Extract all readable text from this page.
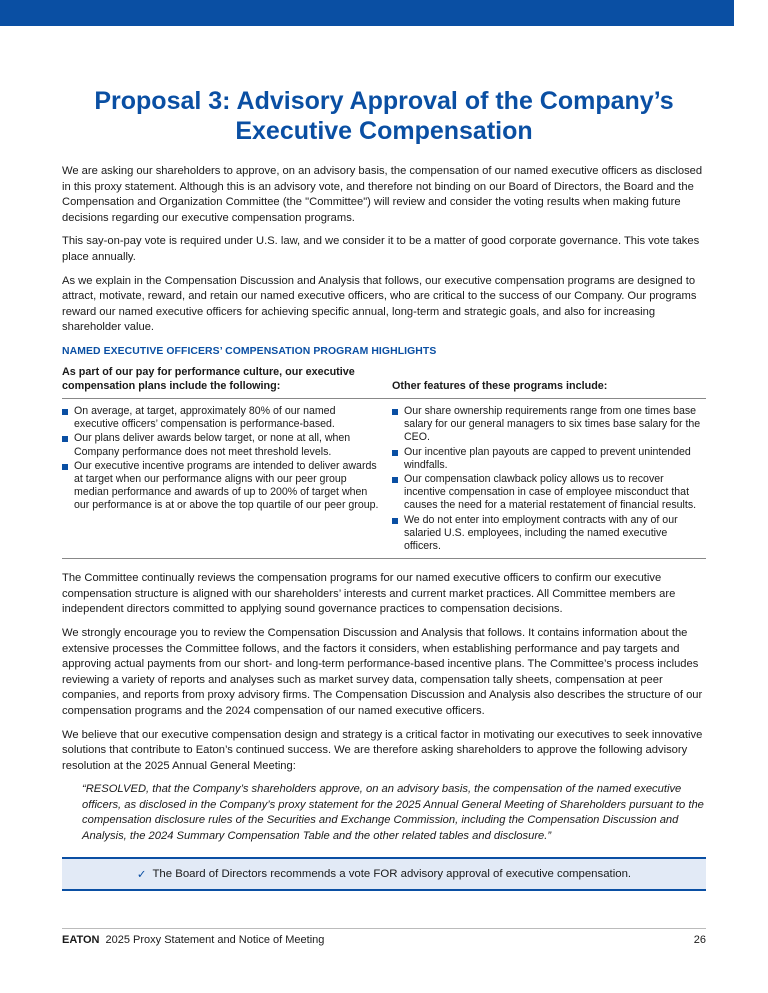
Proposal 3: Advisory Approval of the Company’s
Executive Compensation

We are asking our shareholders to approve, on an advisory basis, the compensation of our named executive officers as disclosed in this proxy statement. Although this is an advisory vote, and therefore not binding on our Board of Directors, the Board and the Compensation and Organization Committee (the "Committee") will review and consider the voting results when making future decisions regarding our executive compensation programs.

This say-on-pay vote is required under U.S. law, and we consider it to be a matter of good corporate governance. This vote takes place annually.

As we explain in the Compensation Discussion and Analysis that follows, our executive compensation programs are designed to attract, motivate, reward, and retain our named executive officers, who are critical to the success of our Company. Our programs reward our named executive officers for achieving specific annual, long-term and strategic goals, and also for increasing shareholder value.

NAMED EXECUTIVE OFFICERS’ COMPENSATION PROGRAM HIGHLIGHTS
As part of our pay for performance culture, our executive compensation plans include the following:	Other features of these programs include:
On average, at target, approximately 80% of our named executive officers’ compensation is performance-based.
Our plans deliver awards below target, or none at all, when Company performance does not meet threshold levels.
Our executive incentive programs are intended to deliver awards at target when our performance aligns with our peer group median performance and awards of up to 200% of target when our performance is at or above the top quartile of our peer group.
Our share ownership requirements range from one times base salary for our general managers to six times base salary for the CEO.
Our incentive plan payouts are capped to prevent unintended windfalls.
Our compensation clawback policy allows us to recover incentive compensation in case of employee misconduct that causes the need for a material restatement of financial results.
We do not enter into employment contracts with any of our salaried U.S. employees, including the named executive officers.

The Committee continually reviews the compensation programs for our named executive officers to confirm our executive compensation structure is aligned with our shareholders’ interests and current market practices. All Committee members are independent directors committed to applying sound governance practices to compensation decisions.

We strongly encourage you to review the Compensation Discussion and Analysis that follows. It contains information about the extensive processes the Committee follows, and the factors it considers, when establishing performance and pay targets and approving actual payments from our short- and long-term performance-based incentive plans. The Committee’s process includes reviewing a variety of reports and analyses such as market survey data, compensation tally sheets, compensation at peer companies, and reports from proxy advisory firms. The Compensation Discussion and Analysis also describes the structure of our compensation programs and the 2024 compensation of our named executive officers.

We believe that our executive compensation design and strategy is a critical factor in motivating our executives to seek innovative solutions that contribute to Eaton’s continued success. We are therefore asking shareholders to approve the following advisory resolution at the 2025 Annual General Meeting:

“RESOLVED, that the Company’s shareholders approve, on an advisory basis, the compensation of the named executive officers, as disclosed in the Company’s proxy statement for the 2025 Annual General Meeting of Shareholders pursuant to the compensation disclosure rules of the Securities and Exchange Commission, including the Compensation Discussion and Analysis, the 2024 Summary Compensation Table and the other related tables and disclosure.”

✓ The Board of Directors recommends a vote FOR advisory approval of executive compensation.
EATON 2025 Proxy Statement and Notice of Meeting	26
